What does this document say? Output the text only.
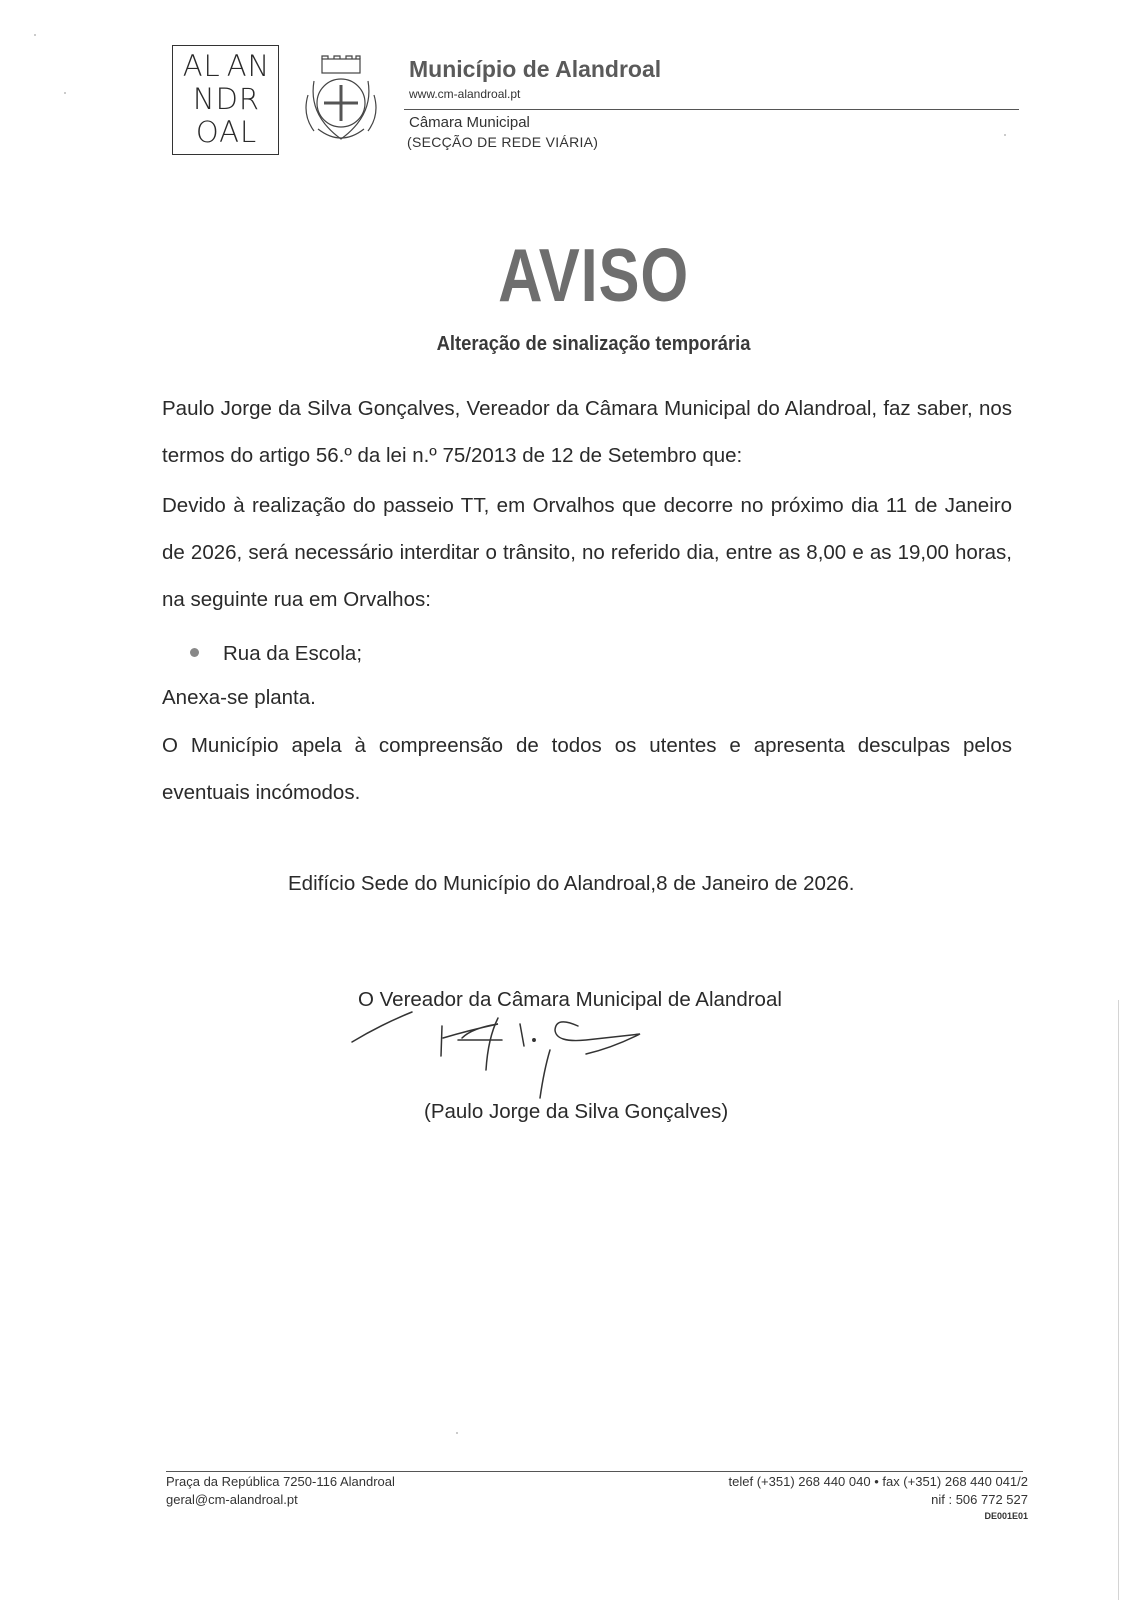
AL AN
NDR
OAL
Município de Alandroal
www.cm-alandroal.pt
Câmara Municipal
(SECÇÃO DE REDE VIÁRIA)
AVISO
Alteração de sinalização temporária
Paulo Jorge da Silva Gonçalves, Vereador da Câmara Municipal do Alandroal, faz saber, nos termos do artigo 56.º da lei n.º 75/2013 de 12 de Setembro que:
Devido à realização do passeio TT, em Orvalhos que decorre no próximo dia 11 de Janeiro de 2026, será necessário interditar o trânsito, no referido dia, entre as 8,00 e as 19,00 horas, na seguinte rua em Orvalhos:
Rua da Escola;
Anexa-se planta.
O Município apela à compreensão de todos os utentes e apresenta desculpas pelos eventuais incómodos.
Edifício Sede do Município do Alandroal,8 de Janeiro de 2026.
O Vereador da Câmara Municipal de Alandroal
(Paulo Jorge da Silva Gonçalves)
Praça da República 7250-116 Alandroal
geral@cm-alandroal.pt
telef (+351) 268 440 040 • fax (+351) 268 440 041/2
nif : 506 772 527
DE001E01
